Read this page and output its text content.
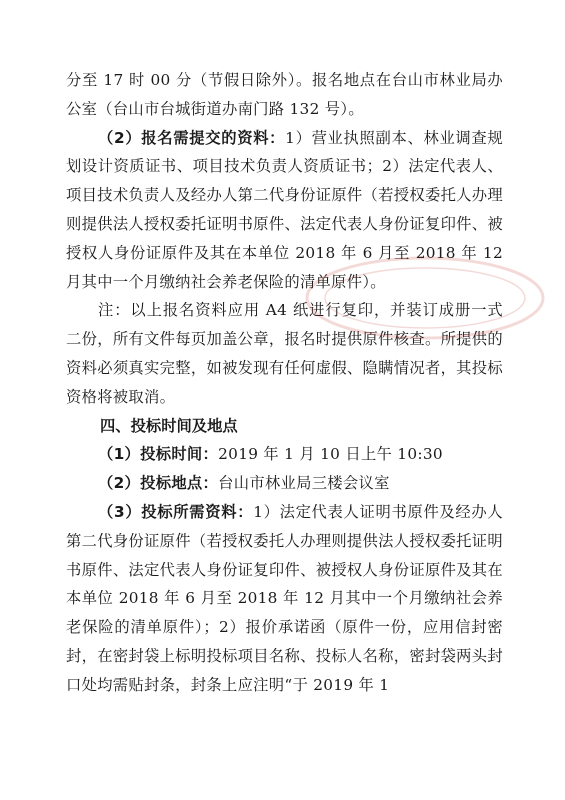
分至 17 时 00 分（节假日除外）。报名地点在台山市林业局办公室（台山市台城街道办南门路 132 号）。

（2）报名需提交的资料：1）营业执照副本、林业调查规划设计资质证书、项目技术负责人资质证书；2）法定代表人、项目技术负责人及经办人第二代身份证原件（若授权委托人办理则提供法人授权委托证明书原件、法定代表人身份证复印件、被授权人身份证原件及其在本单位 2018 年 6 月至 2018 年 12 月其中一个月缴纳社会养老保险的清单原件）。

注：以上报名资料应用 A4 纸进行复印，并装订成册一式二份，所有文件每页加盖公章，报名时提供原件核查。所提供的资料必须真实完整，如被发现有任何虚假、隐瞒情况者，其投标资格将被取消。

四、投标时间及地点

（1）投标时间：2019 年 1 月 10 日上午 10:30

（2）投标地点：台山市林业局三楼会议室

（3）投标所需资料：1）法定代表人证明书原件及经办人第二代身份证原件（若授权委托人办理则提供法人授权委托证明书原件、法定代表人身份证复印件、被授权人身份证原件及其在本单位 2018 年 6 月至 2018 年 12 月其中一个月缴纳社会养老保险的清单原件）；2）报价承诺函（原件一份，应用信封密封，在密封袋上标明投标项目名称、投标人名称，密封袋两头封口处均需贴封条，封条上应注明“于 2019 年 1
